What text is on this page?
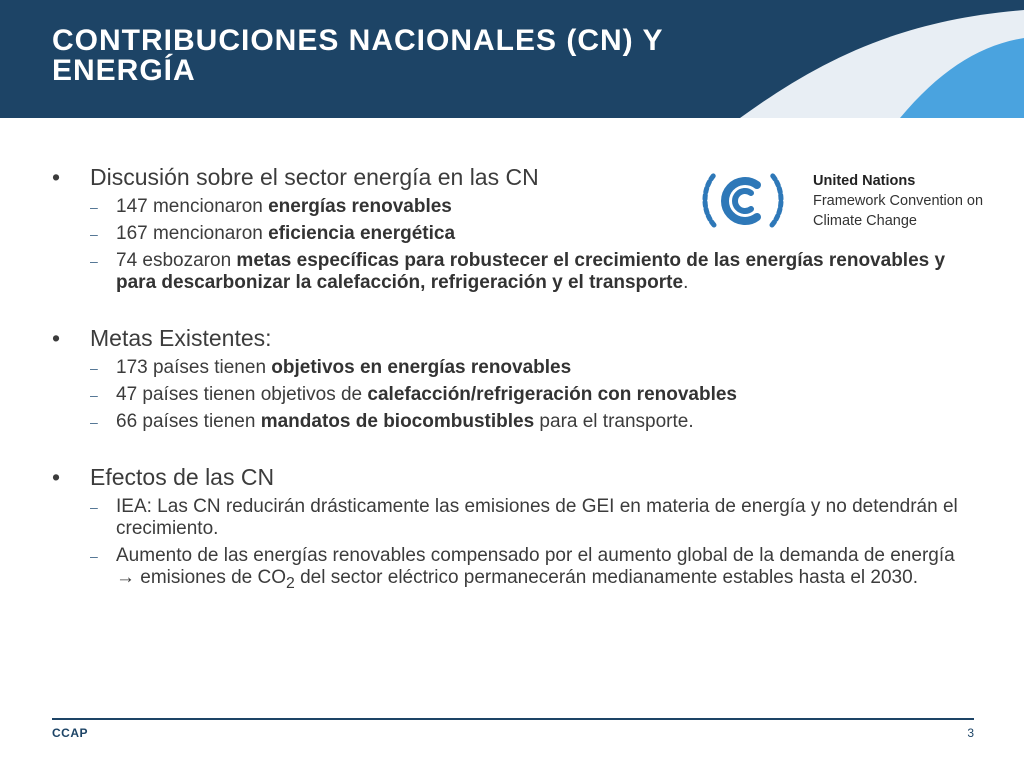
CONTRIBUCIONES NACIONALES (CN) Y ENERGÍA
United Nations
Framework Convention on
Climate Change
• Discusión sobre el sector energía en las CN
– 147 mencionaron energías renovables
– 167 mencionaron eficiencia energética
– 74 esbozaron metas específicas para robustecer el crecimiento de las energías renovables y para descarbonizar la calefacción, refrigeración y el transporte.
• Metas Existentes:
– 173 países tienen objetivos en energías renovables
– 47 países tienen objetivos de calefacción/refrigeración con renovables
– 66 países tienen mandatos de biocombustibles para el transporte.
• Efectos de las CN
– IEA: Las CN reducirán drásticamente las emisiones de GEI en materia de energía y no detendrán el crecimiento.
– Aumento de las energías renovables compensado por el aumento global de la demanda de energía → emisiones de $CO_2$ del sector eléctrico permanecerán medianamente estables hasta el 2030.
CCAP	3
